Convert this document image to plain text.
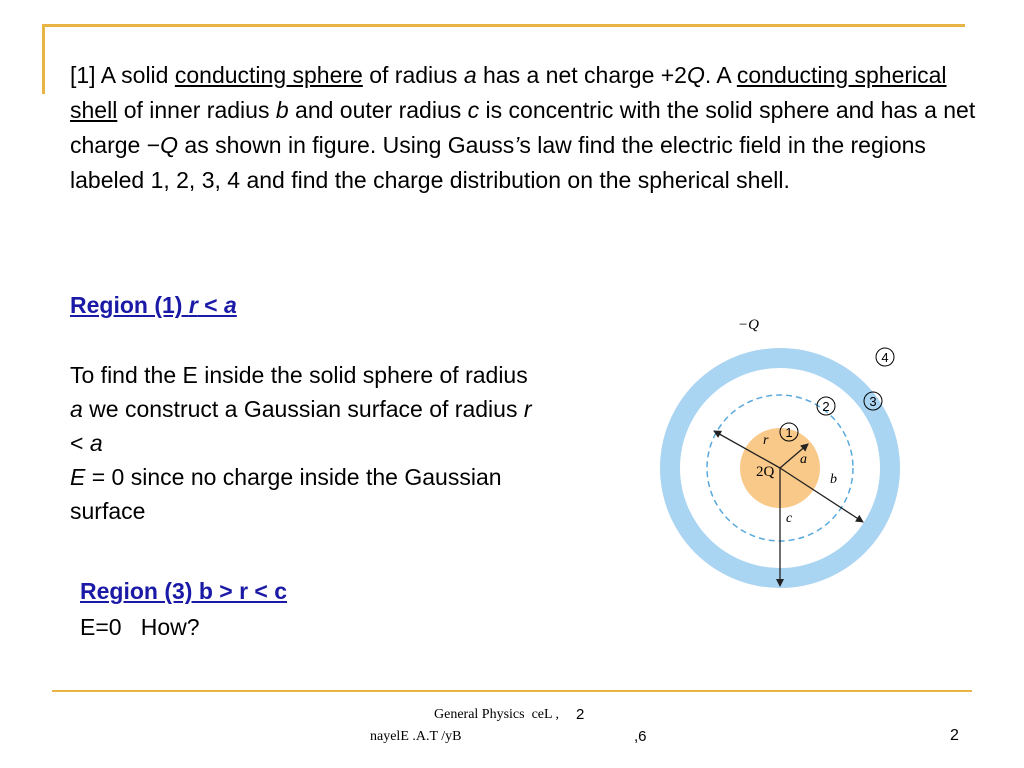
[1] A solid conducting sphere of radius a has a net charge +2Q. A conducting spherical shell of inner radius b and outer radius c is concentric with the solid sphere and has a net charge −Q as shown in figure. Using Gauss’s law find the electric field in the regions labeled 1, 2, 3, 4 and find the charge distribution on the spherical shell.
Region (1) r < a
To find the E inside the solid sphere of radius a we construct a Gaussian surface of radius r < a
E = 0 since no charge inside the Gaussian surface
−Q
2Q
r
a
b
c
1
2	3
4
Region (3) b > r < c
E=0   How?
General Physics  ceL , 2
nayelE .A.T /yB	,6	2
